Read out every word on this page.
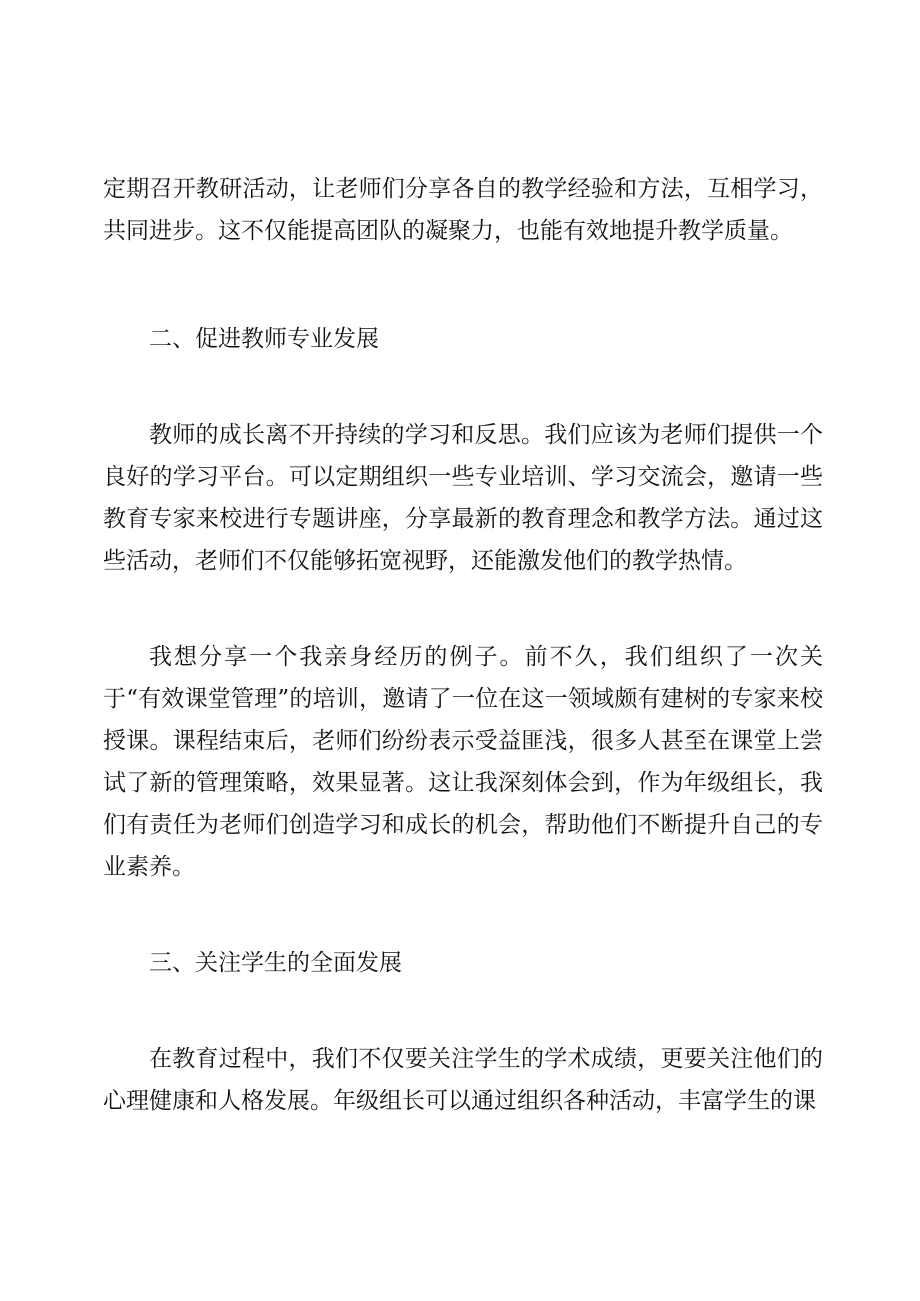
定期召开教研活动，让老师们分享各自的教学经验和方法，互相学习，共同进步。这不仅能提高团队的凝聚力，也能有效地提升教学质量。

二、促进教师专业发展

教师的成长离不开持续的学习和反思。我们应该为老师们提供一个良好的学习平台。可以定期组织一些专业培训、学习交流会，邀请一些教育专家来校进行专题讲座，分享最新的教育理念和教学方法。通过这些活动，老师们不仅能够拓宽视野，还能激发他们的教学热情。

我想分享一个我亲身经历的例子。前不久，我们组织了一次关于“有效课堂管理”的培训，邀请了一位在这一领域颇有建树的专家来校授课。课程结束后，老师们纷纷表示受益匪浅，很多人甚至在课堂上尝试了新的管理策略，效果显著。这让我深刻体会到，作为年级组长，我们有责任为老师们创造学习和成长的机会，帮助他们不断提升自己的专业素养。

三、关注学生的全面发展

在教育过程中，我们不仅要关注学生的学术成绩，更要关注他们的心理健康和人格发展。年级组长可以通过组织各种活动，丰富学生的课
